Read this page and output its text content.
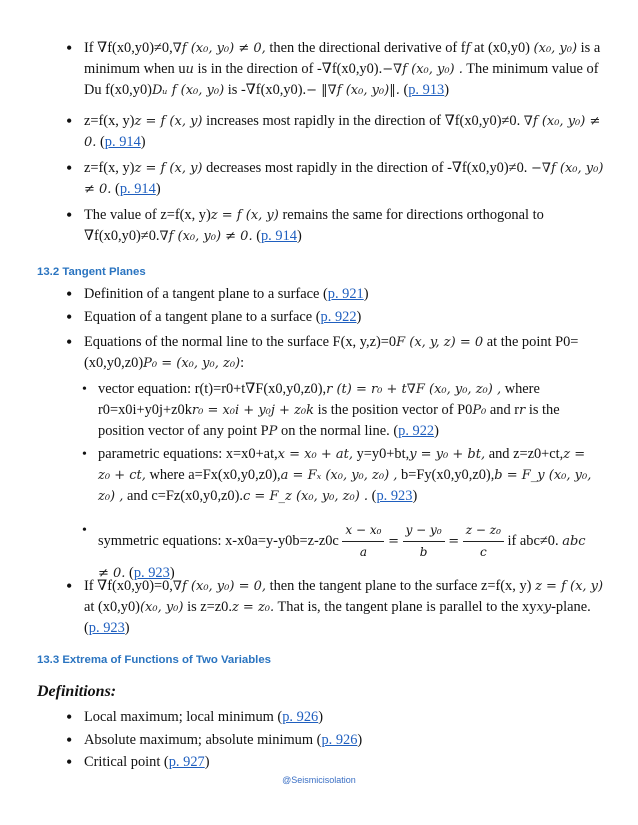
• If ∇f(x0,y0)≠0,∇f (x₀, y₀) ≠ 0, then the directional derivative of ff at (x0,y0) (x₀, y₀) is a minimum when uu is in the direction of -∇f(x0,y0).−∇f (x₀, y₀) . The minimum value of Du f(x0,y0)Dᵤ f (x₀, y₀) is -∇f(x0,y0).− ‖∇f (x₀, y₀)‖. (p. 913)
• z=f(x, y)z = f (x, y) increases most rapidly in the direction of ∇f(x0,y0)≠0. ∇f (x₀, y₀) ≠ 0. (p. 914)
• z=f(x, y)z = f (x, y) decreases most rapidly in the direction of -∇f(x0,y0)≠0. −∇f (x₀, y₀) ≠ 0. (p. 914)
• The value of z=f(x, y)z = f (x, y) remains the same for directions orthogonal to ∇f(x0,y0)≠0.∇f (x₀, y₀) ≠ 0. (p. 914)
13.2 Tangent Planes
• Definition of a tangent plane to a surface (p. 921)
• Equation of a tangent plane to a surface (p. 922)
• Equations of the normal line to the surface F(x, y,z)=0F (x, y, z) = 0 at the point P0=(x0,y0,z0)P₀ = (x₀, y₀, z₀):
• vector equation: r(t)=r0+t∇F(x0,y0,z0),r (t) = r₀ + t∇F (x₀, y₀, z₀) , where r0=x0i+y0j+z0kr₀ = x₀i + y₀j + z₀k is the position vector of P0P₀ and rr is the position vector of any point PP on the normal line. (p. 922)
• parametric equations: x=x0+at,x = x₀ + at, y=y0+bt,y = y₀ + bt, and z=z0+ct,z = z₀ + ct, where a=Fx(x0,y0,z0),a = Fₓ (x₀, y₀, z₀) , b=Fy(x0,y0,z0),b = F_y (x₀, y₀, z₀) , and c=Fz(x0,y0,z0).c = F_z (x₀, y₀, z₀) . (p. 923)
• symmetric equations: $x-x0a=y-y0b=z-z0c \frac{\text{x − x₀}}{a} = \frac{\text{y − y₀}}{b} = \frac{\text{z − z₀}}{c}$ if abc≠0. abc ≠ 0. (p. 923)
• If ∇f(x0,y0)=0,∇f (x₀, y₀) = 0, then the tangent plane to the surface z=f(x, y) z = f (x, y) at (x0,y0)(x₀, y₀) is z=z0.z = z₀. That is, the tangent plane is parallel to the xyxy-plane. (p. 923)
13.3 Extrema of Functions of Two Variables
Definitions:
• Local maximum; local minimum (p. 926)
• Absolute maximum; absolute minimum (p. 926)
• Critical point (p. 927)
@Seismicisolation
